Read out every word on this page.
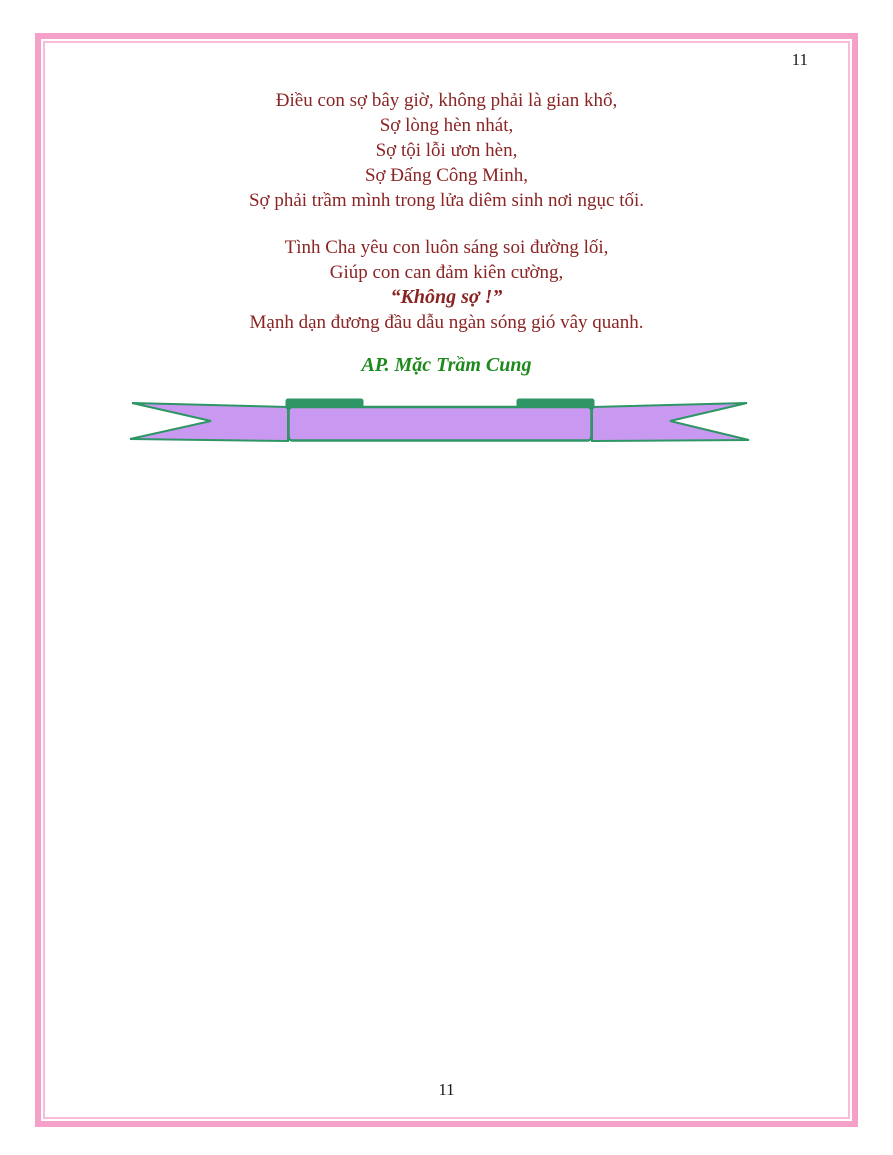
11
Điều con sợ bây giờ, không phải là gian khổ,
Sợ lòng hèn nhát,
Sợ tội lỗi ươn hèn,
Sợ Đấng Công Minh,
Sợ phải trầm mình trong lửa diêm sinh nơi ngục tối.
Tình Cha yêu con luôn sáng soi đường lối,
Giúp con can đảm kiên cường,
“Không sợ !”
Mạnh dạn đương đầu dẫu ngàn sóng gió vây quanh.
AP. Mặc Trầm Cung
11
